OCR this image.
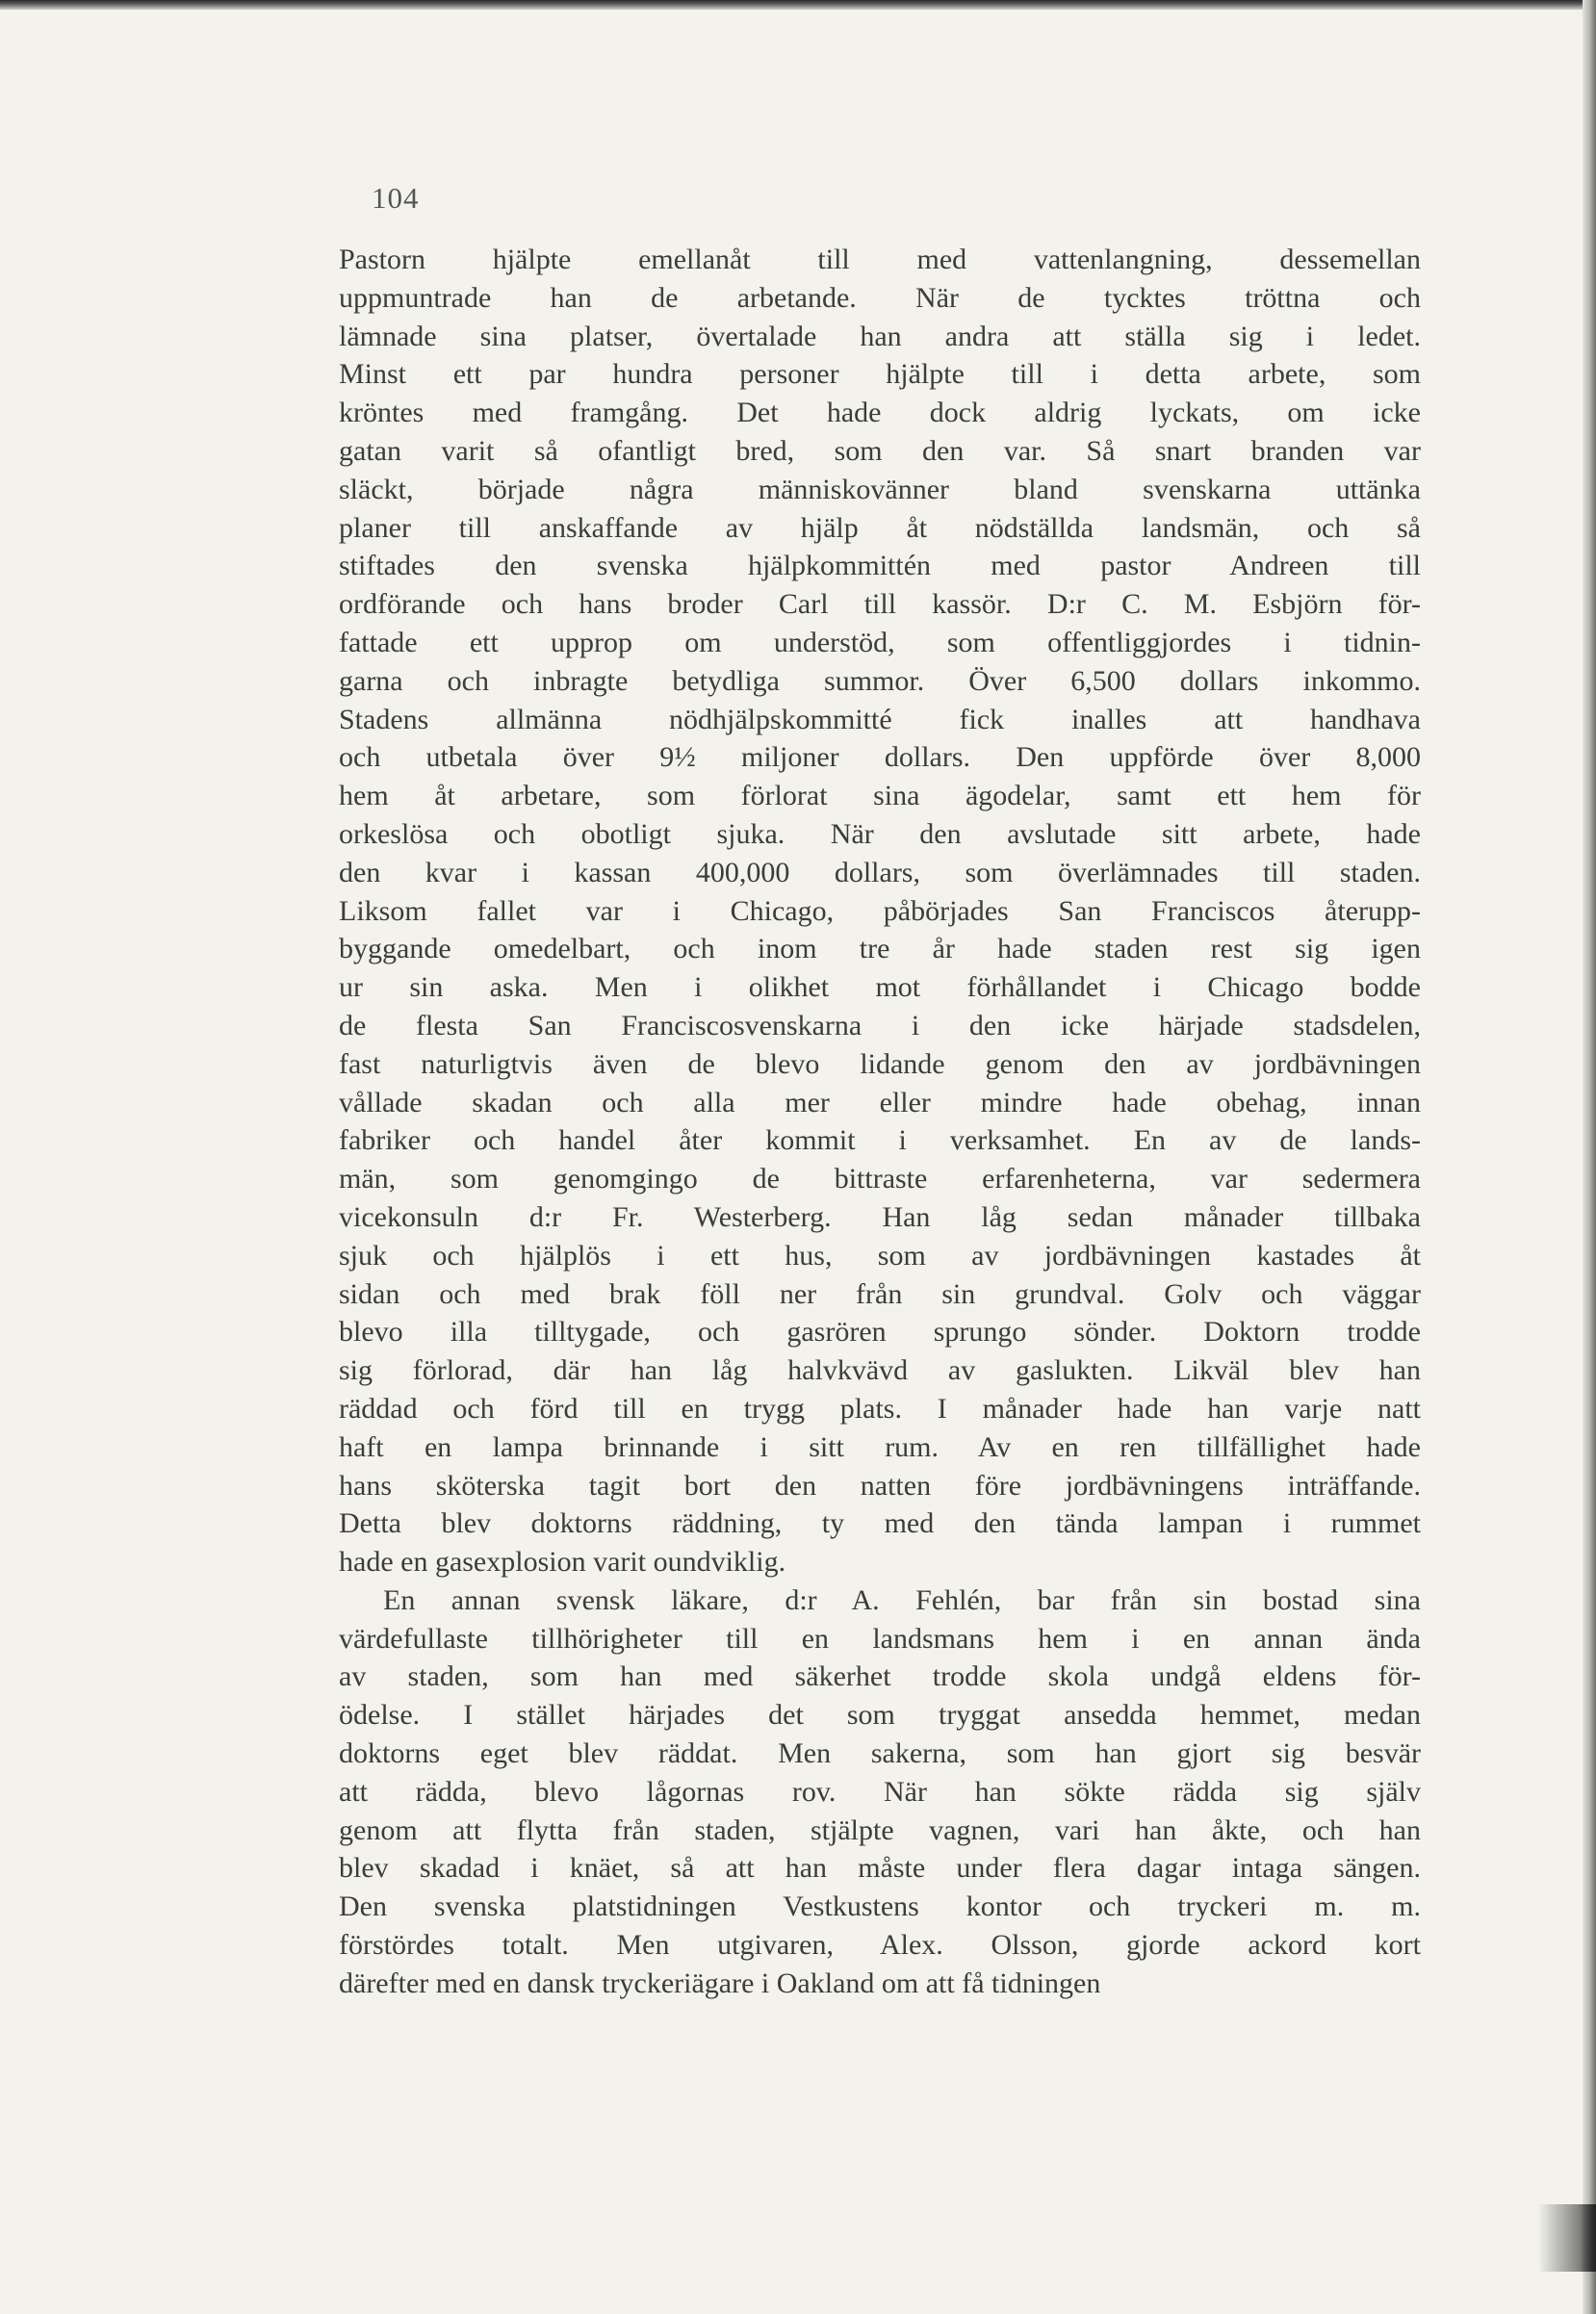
104
Pastorn hjälpte emellanåt till med vattenlangning, dessemellan
uppmuntrade han de arbetande. När de tycktes tröttna och
lämnade sina platser, övertalade han andra att ställa sig i ledet.
Minst ett par hundra personer hjälpte till i detta arbete, som
kröntes med framgång. Det hade dock aldrig lyckats, om icke
gatan varit så ofantligt bred, som den var. Så snart branden var
släckt, började några människovänner bland svenskarna uttänka
planer till anskaffande av hjälp åt nödställda landsmän, och så
stiftades den svenska hjälpkommittén med pastor Andreen till
ordförande och hans broder Carl till kassör. D:r C. M. Esbjörn för-
fattade ett upprop om understöd, som offentliggjordes i tidnin-
garna och inbragte betydliga summor. Över 6,500 dollars inkommo.
Stadens allmänna nödhjälpskommitté fick inalles att handhava
och utbetala över 9½ miljoner dollars. Den uppförde över 8,000
hem åt arbetare, som förlorat sina ägodelar, samt ett hem för
orkeslösa och obotligt sjuka. När den avslutade sitt arbete, hade
den kvar i kassan 400,000 dollars, som överlämnades till staden.
Liksom fallet var i Chicago, påbörjades San Franciscos återupp-
byggande omedelbart, och inom tre år hade staden rest sig igen
ur sin aska. Men i olikhet mot förhållandet i Chicago bodde
de flesta San Franciscosvenskarna i den icke härjade stadsdelen,
fast naturligtvis även de blevo lidande genom den av jordbävningen
vållade skadan och alla mer eller mindre hade obehag, innan
fabriker och handel åter kommit i verksamhet. En av de lands-
män, som genomgingo de bittraste erfarenheterna, var sedermera
vicekonsuln d:r Fr. Westerberg. Han låg sedan månader tillbaka
sjuk och hjälplös i ett hus, som av jordbävningen kastades åt
sidan och med brak föll ner från sin grundval. Golv och väggar
blevo illa tilltygade, och gasrören sprungo sönder. Doktorn trodde
sig förlorad, där han låg halvkvävd av gaslukten. Likväl blev han
räddad och förd till en trygg plats. I månader hade han varje natt
haft en lampa brinnande i sitt rum. Av en ren tillfällighet hade
hans sköterska tagit bort den natten före jordbävningens inträffande.
Detta blev doktorns räddning, ty med den tända lampan i rummet
hade en gasexplosion varit oundviklig.
En annan svensk läkare, d:r A. Fehlén, bar från sin bostad sina
värdefullaste tillhörigheter till en landsmans hem i en annan ända
av staden, som han med säkerhet trodde skola undgå eldens för-
ödelse. I stället härjades det som tryggat ansedda hemmet, medan
doktorns eget blev räddat. Men sakerna, som han gjort sig besvär
att rädda, blevo lågornas rov. När han sökte rädda sig själv
genom att flytta från staden, stjälpte vagnen, vari han åkte, och han
blev skadad i knäet, så att han måste under flera dagar intaga sängen.
Den svenska platstidningen Vestkustens kontor och tryckeri m. m.
förstördes totalt. Men utgivaren, Alex. Olsson, gjorde ackord kort
därefter med en dansk tryckeriägare i Oakland om att få tidningen
